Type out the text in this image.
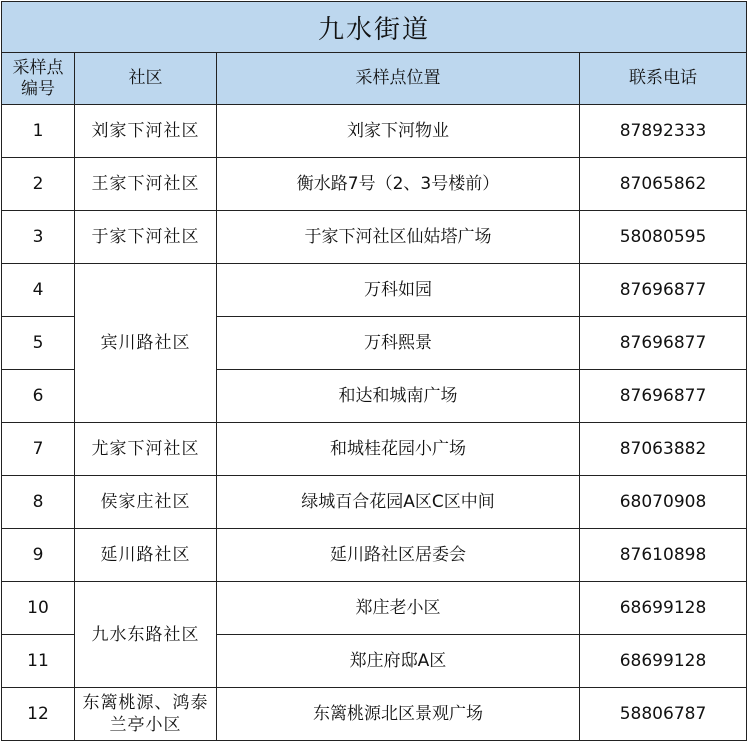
九水街道			
采样点
编号	社区	采样点位置	联系电话
1	刘家下河社区	刘家下河物业	87892333
2	王家下河社区	衡水路7号（2、3号楼前）	87065862
3	于家下河社区	于家下河社区仙姑塔广场	58080595
4	宾川路社区	万科如园	87696877
5		万科熙景	87696877
6		和达和城南广场	87696877
7	尤家下河社区	和城桂花园小广场	87063882
8	侯家庄社区	绿城百合花园A区C区中间	68070908
9	延川路社区	延川路社区居委会	87610898
10	九水东路社区	郑庄老小区	68699128
11		郑庄府邸A区	68699128
12	东篱桃源、鸿泰兰亭小区	东篱桃源北区景观广场	58806787
